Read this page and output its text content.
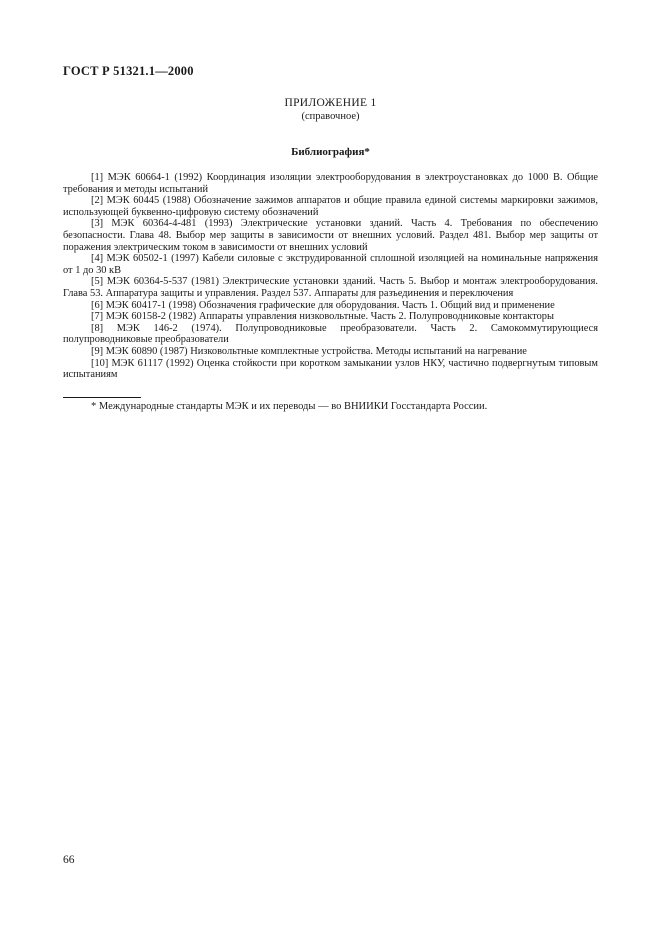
ГОСТ Р 51321.1—2000
ПРИЛОЖЕНИЕ 1
(справочное)
Библиография*

[1] МЭК 60664-1 (1992) Координация изоляции электрооборудования в электроустановках до 1000 В. Общие требования и методы испытаний

[2] МЭК 60445 (1988) Обозначение зажимов аппаратов и общие правила единой системы маркировки зажимов, использующей буквенно-цифровую систему обозначений

[3] МЭК 60364-4-481 (1993) Электрические установки зданий. Часть 4. Требования по обеспечению безопасности. Глава 48. Выбор мер защиты в зависимости от внешних условий. Раздел 481. Выбор мер защиты от поражения электрическим током в зависимости от внешних условий

[4] МЭК 60502-1 (1997) Кабели силовые с экструдированной сплошной изоляцией на номинальные напряжения от 1 до 30 кВ

[5] МЭК 60364-5-537 (1981) Электрические установки зданий. Часть 5. Выбор и монтаж электрооборудования. Глава 53. Аппаратура защиты и управления. Раздел 537. Аппараты для разъединения и переключения

[6] МЭК 60417-1 (1998) Обозначения графические для оборудования. Часть 1. Общий вид и применение

[7] МЭК 60158-2 (1982) Аппараты управления низковольтные. Часть 2. Полупроводниковые контакторы

[8] МЭК 146-2 (1974). Полупроводниковые преобразователи. Часть 2. Самокоммутирующиеся полупроводниковые преобразователи

[9] МЭК 60890 (1987) Низковольтные комплектные устройства. Методы испытаний на нагревание

[10] МЭК 61117 (1992) Оценка стойкости при коротком замыкании узлов НКУ, частично подвергнутым типовым испытаниям

* Международные стандарты МЭК и их переводы — во ВНИИКИ Госстандарта России.
66
